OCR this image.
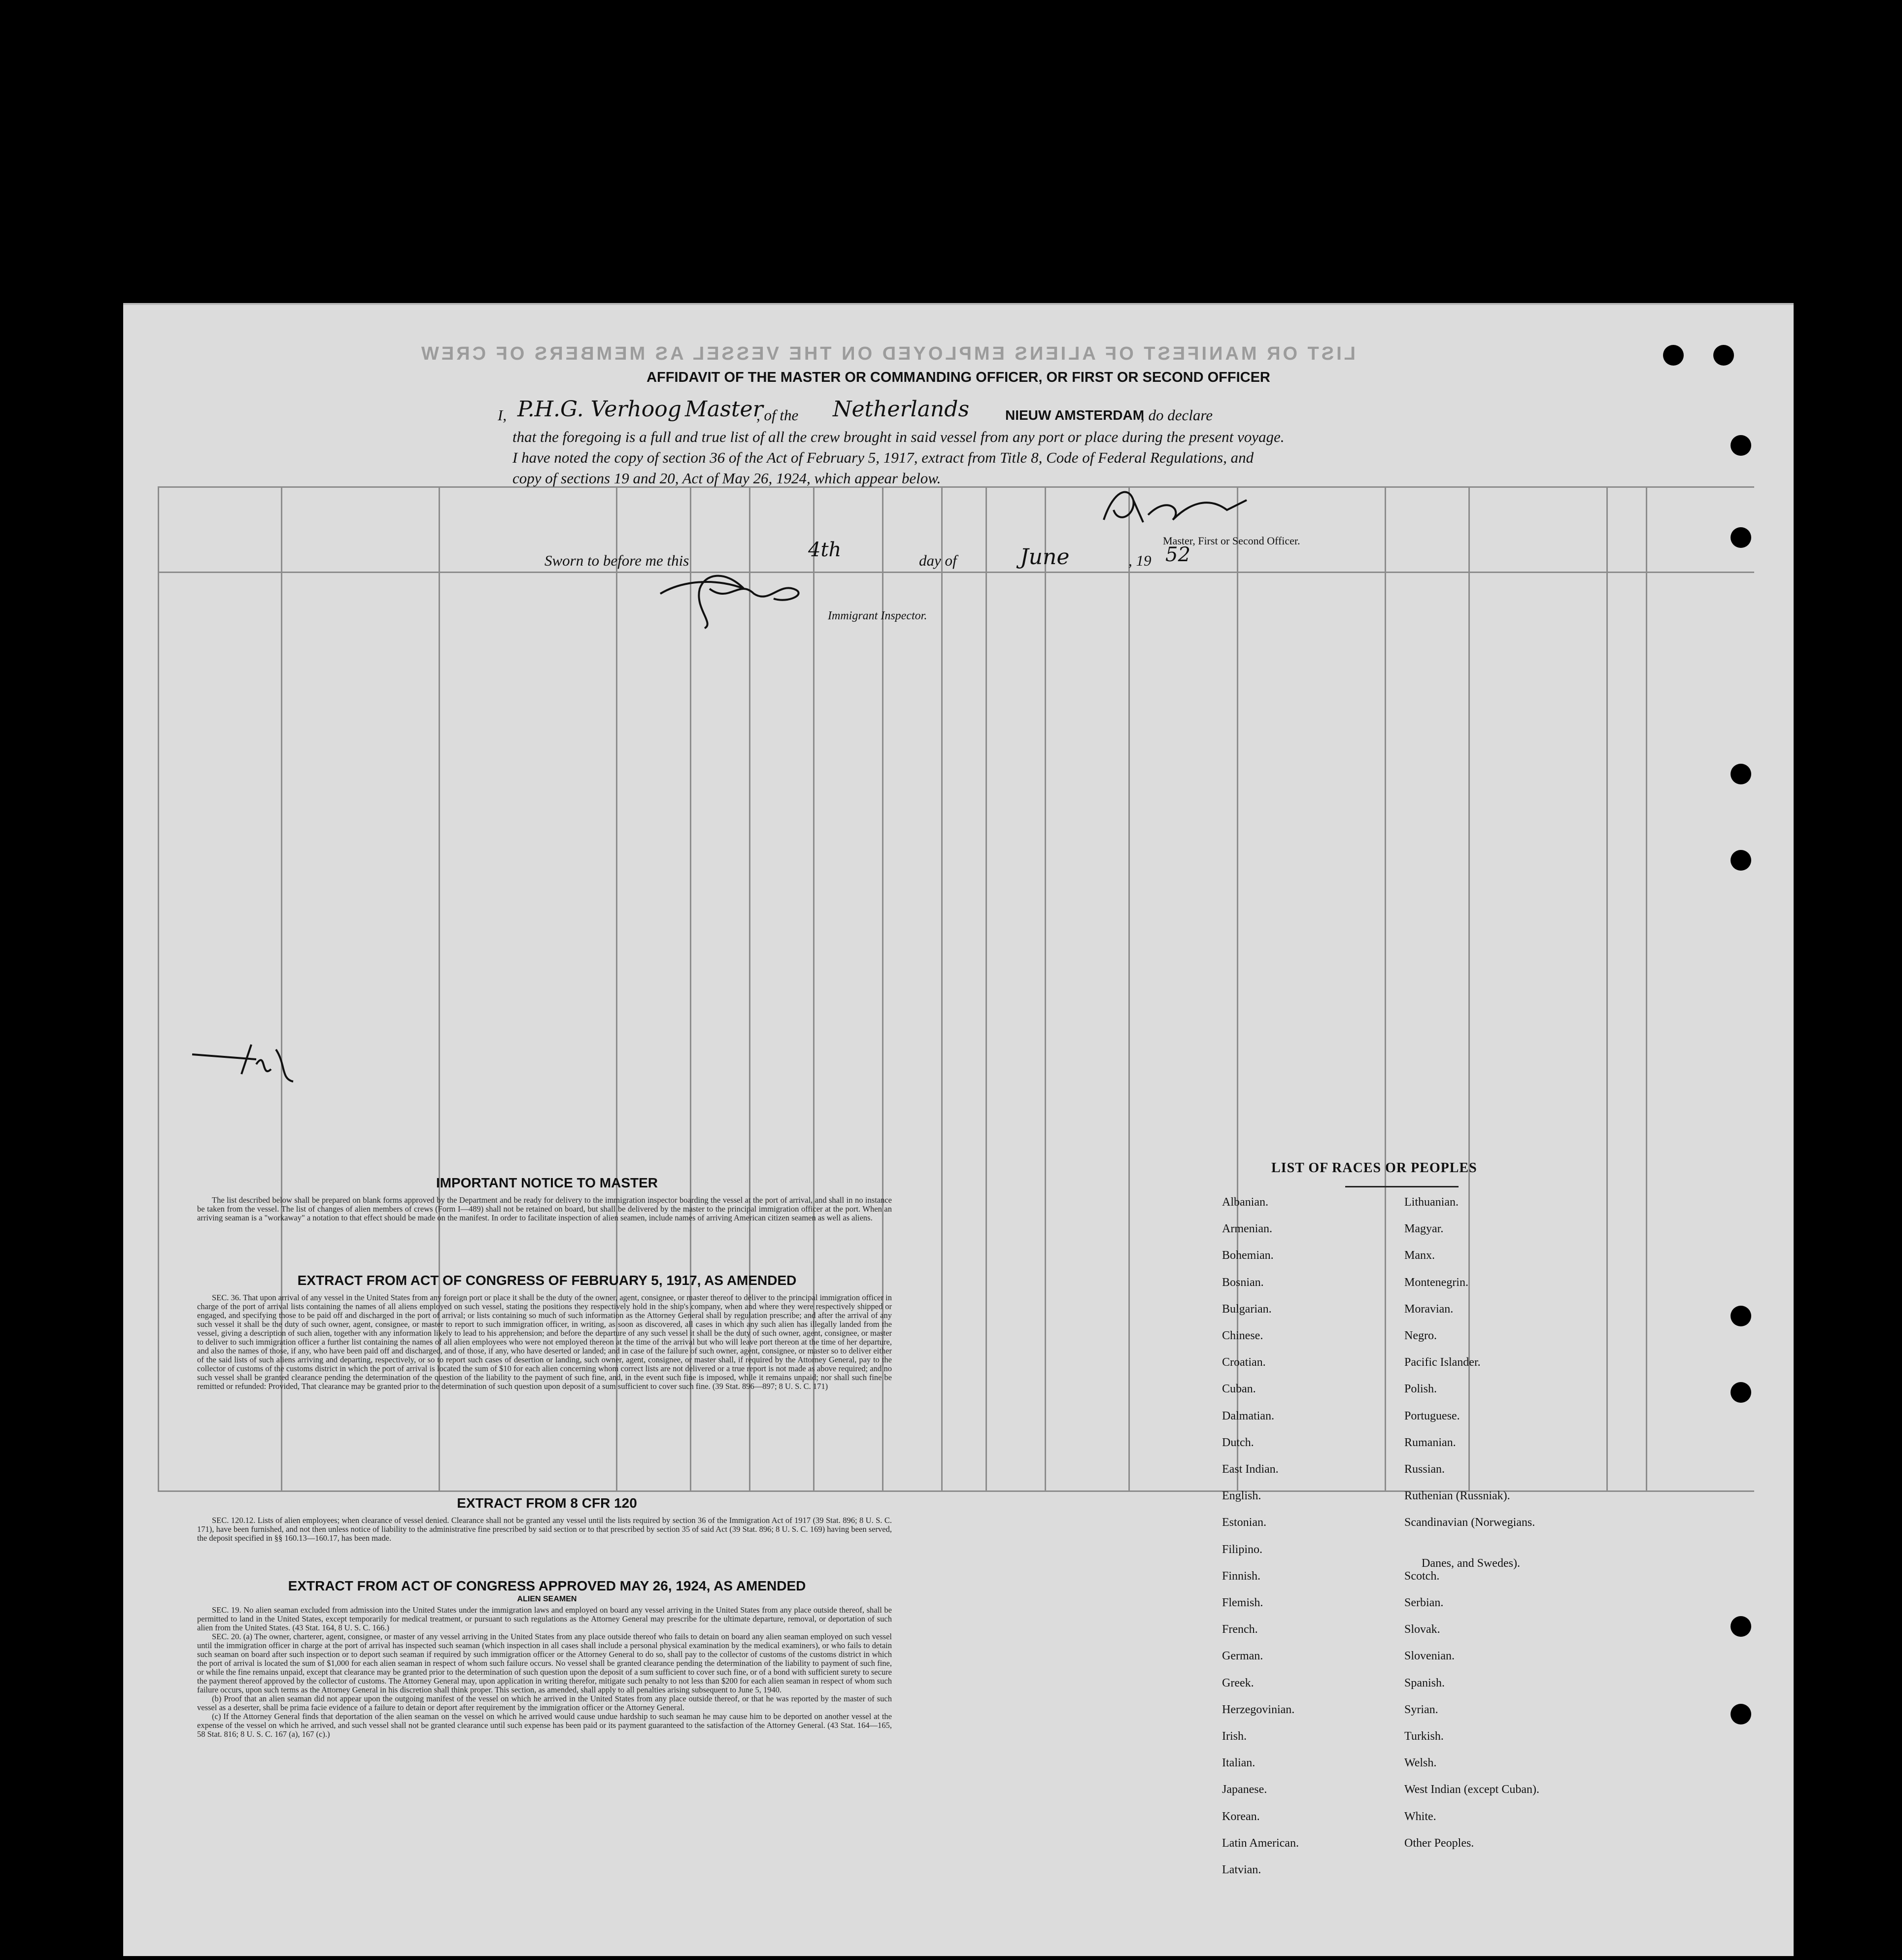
LIST OR MANIFEST OF ALIENS EMPLOYED ON THE VESSEL AS MEMBERS OF CREW
AFFIDAVIT OF THE MASTER OR COMMANDING OFFICER, OR FIRST OR SECOND OFFICER
I, P.H.G. Verhoog Master
, of the Netherlands	NIEUW AMSTERDAM
, do declare
that the foregoing is a full and true list of all the crew brought in said vessel from any port or place during the present voyage.
I have noted the copy of section 36 of the Act of February 5, 1917, extract from Title 8, Code of Federal Regulations, and
copy of sections 19 and 20, Act of May 26, 1924, which appear below.
Master, First or Second Officer.
Sworn to before me this	4th	day of	June	, 19 52
Immigrant Inspector.
IMPORTANT NOTICE TO MASTER

The list described below shall be prepared on blank forms approved by the Department and be ready for delivery to the immigration inspector boarding the vessel at the port of arrival, and shall in no instance be taken from the vessel. The list of changes of alien members of crews (Form I—489) shall not be retained on board, but shall be delivered by the master to the principal immigration officer at the port. When an arriving seaman is a "workaway" a notation to that effect should be made on the manifest. In order to facilitate inspection of alien seamen, include names of arriving American citizen seamen as well as aliens.

EXTRACT FROM ACT OF CONGRESS OF FEBRUARY 5, 1917, AS AMENDED

SEC. 36. That upon arrival of any vessel in the United States from any foreign port or place it shall be the duty of the owner, agent, consignee, or master thereof to deliver to the principal immigration officer in charge of the port of arrival lists containing the names of all aliens employed on such vessel, stating the positions they respectively hold in the ship's company, when and where they were respectively shipped or engaged, and specifying those to be paid off and discharged in the port of arrival; or lists containing so much of such information as the Attorney General shall by regulation prescribe; and after the arrival of any such vessel it shall be the duty of such owner, agent, consignee, or master to report to such immigration officer, in writing, as soon as discovered, all cases in which any such alien has illegally landed from the vessel, giving a description of such alien, together with any information likely to lead to his apprehension; and before the departure of any such vessel it shall be the duty of such owner, agent, consignee, or master to deliver to such immigration officer a further list containing the names of all alien employees who were not employed thereon at the time of the arrival but who will leave port thereon at the time of her departure, and also the names of those, if any, who have been paid off and discharged, and of those, if any, who have deserted or landed; and in case of the failure of such owner, agent, consignee, or master so to deliver either of the said lists of such aliens arriving and departing, respectively, or so to report such cases of desertion or landing, such owner, agent, consignee, or master shall, if required by the Attorney General, pay to the collector of customs of the customs district in which the port of arrival is located the sum of $10 for each alien concerning whom correct lists are not delivered or a true report is not made as above required; and no such vessel shall be granted clearance pending the determination of the question of the liability to the payment of such fine, and, in the event such fine is imposed, while it remains unpaid; nor shall such fine be remitted or refunded: Provided, That clearance may be granted prior to the determination of such question upon deposit of a sum sufficient to cover such fine. (39 Stat. 896—897; 8 U. S. C. 171)

EXTRACT FROM 8 CFR 120

SEC. 120.12. Lists of alien employees; when clearance of vessel denied. Clearance shall not be granted any vessel until the lists required by section 36 of the Immigration Act of 1917 (39 Stat. 896; 8 U. S. C. 171), have been furnished, and not then unless notice of liability to the administrative fine prescribed by said section or to that prescribed by section 35 of said Act (39 Stat. 896; 8 U. S. C. 169) having been served, the deposit specified in §§ 160.13—160.17, has been made.

EXTRACT FROM ACT OF CONGRESS APPROVED MAY 26, 1924, AS AMENDED
ALIEN SEAMEN

SEC. 19. No alien seaman excluded from admission into the United States under the immigration laws and employed on board any vessel arriving in the United States from any place outside thereof, shall be permitted to land in the United States, except temporarily for medical treatment, or pursuant to such regulations as the Attorney General may prescribe for the ultimate departure, removal, or deportation of such alien from the United States. (43 Stat. 164, 8 U. S. C. 166.)

SEC. 20. (a) The owner, charterer, agent, consignee, or master of any vessel arriving in the United States from any place outside thereof who fails to detain on board any alien seaman employed on such vessel until the immigration officer in charge at the port of arrival has inspected such seaman (which inspection in all cases shall include a personal physical examination by the medical examiners), or who fails to detain such seaman on board after such inspection or to deport such seaman if required by such immigration officer or the Attorney General to do so, shall pay to the collector of customs of the customs district in which the port of arrival is located the sum of $1,000 for each alien seaman in respect of whom such failure occurs. No vessel shall be granted clearance pending the determination of the liability to payment of such fine, or while the fine remains unpaid, except that clearance may be granted prior to the determination of such question upon the deposit of a sum sufficient to cover such fine, or of a bond with sufficient surety to secure the payment thereof approved by the collector of customs. The Attorney General may, upon application in writing therefor, mitigate such penalty to not less than $200 for each alien seaman in respect of whom such failure occurs, upon such terms as the Attorney General in his discretion shall think proper. This section, as amended, shall apply to all penalties arising subsequent to June 5, 1940.

(b) Proof that an alien seaman did not appear upon the outgoing manifest of the vessel on which he arrived in the United States from any place outside thereof, or that he was reported by the master of such vessel as a deserter, shall be prima facie evidence of a failure to detain or deport after requirement by the immigration officer or the Attorney General.

(c) If the Attorney General finds that deportation of the alien seaman on the vessel on which he arrived would cause undue hardship to such seaman he may cause him to be deported on another vessel at the expense of the vessel on which he arrived, and such vessel shall not be granted clearance until such expense has been paid or its payment guaranteed to the satisfaction of the Attorney General. (43 Stat. 164—165, 58 Stat. 816; 8 U. S. C. 167 (a), 167 (c).)

LIST OF RACES OR PEOPLES
Albanian.
Armenian.
Bohemian.
Bosnian.
Bulgarian.
Chinese.
Croatian.
Cuban.
Dalmatian.
Dutch.
East Indian.
English.
Estonian.
Filipino.
Finnish.
Flemish.
French.
German.
Greek.
Herzegovinian.
Irish.
Italian.
Japanese.
Korean.
Latin American.
Latvian.
Lithuanian.
Magyar.
Manx.
Montenegrin.
Moravian.
Negro.
Pacific Islander.
Polish.
Portuguese.
Rumanian.
Russian.
Ruthenian (Russniak).
Scandinavian (Norwegians.
Danes, and Swedes).
Scotch.
Serbian.
Slovak.
Slovenian.
Spanish.
Syrian.
Turkish.
Welsh.
West Indian (except Cuban).
White.
Other Peoples.
